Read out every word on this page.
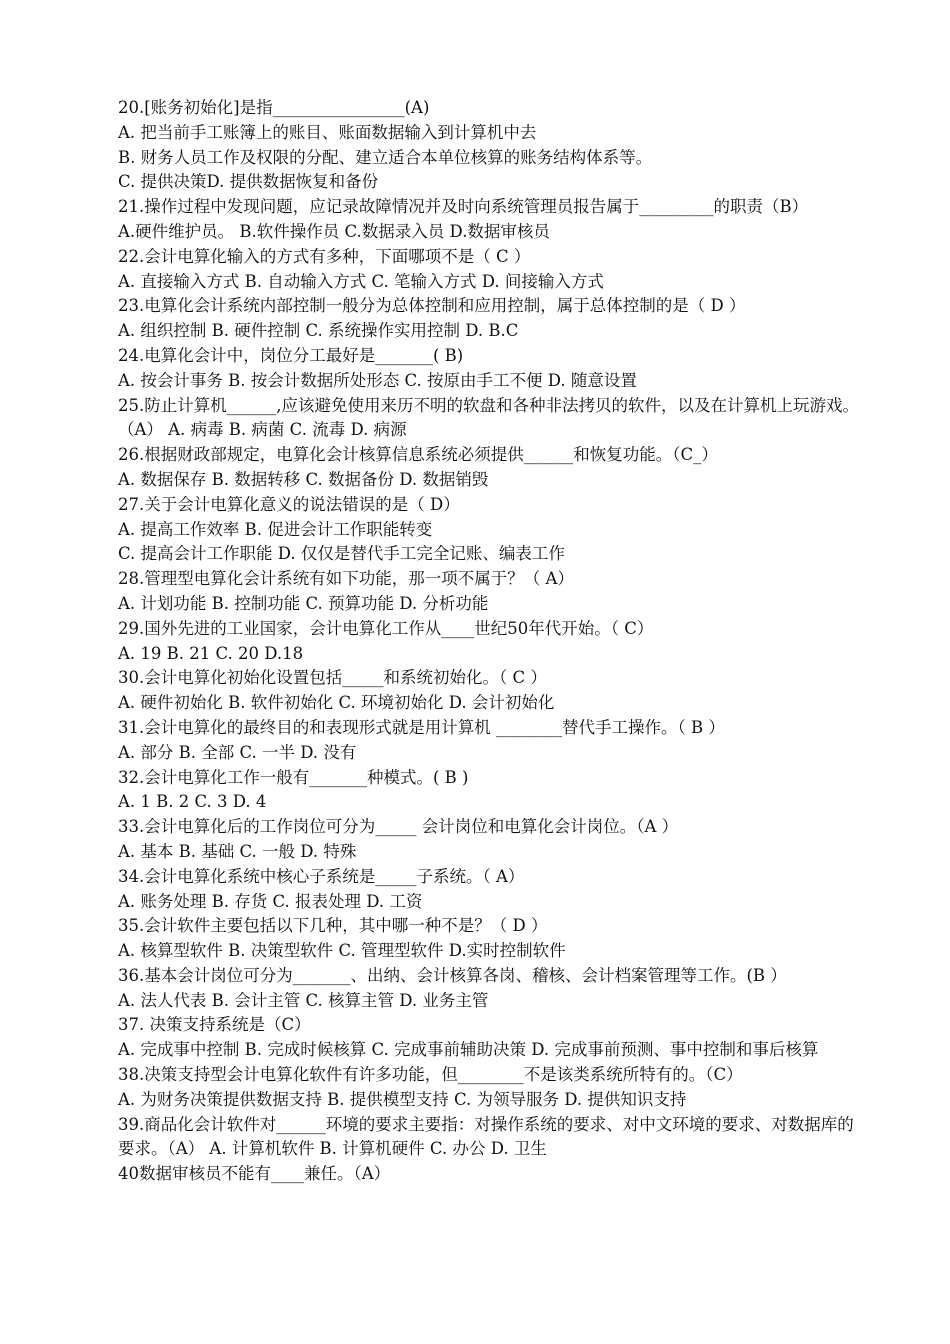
20.[账务初始化]是指________________(A)

A. 把当前手工账簿上的账目、账面数据输入到计算机中去

B. 财务人员工作及权限的分配、建立适合本单位核算的账务结构体系等。

C. 提供决策D. 提供数据恢复和备份

21.操作过程中发现问题，应记录故障情况并及时向系统管理员报告属于_________的职责（B）

A.硬件维护员。 B.软件操作员 C.数据录入员 D.数据审核员

22.会计电算化输入的方式有多种，下面哪项不是（ C ）

A. 直接输入方式 B. 自动输入方式 C. 笔输入方式 D. 间接输入方式

23.电算化会计系统内部控制一般分为总体控制和应用控制，属于总体控制的是（ D ）

A. 组织控制 B. 硬件控制 C. 系统操作实用控制 D. B.C

24.电算化会计中，岗位分工最好是_______( B)

A. 按会计事务 B. 按会计数据所处形态 C. 按原由手工不便 D. 随意设置

25.防止计算机______,应该避免使用来历不明的软盘和各种非法拷贝的软件，以及在计算机上玩游戏。（A） A. 病毒 B. 病菌 C. 流毒 D. 病源

26.根据财政部规定，电算化会计核算信息系统必须提供______和恢复功能。（C_）

A. 数据保存 B. 数据转移 C. 数据备份 D. 数据销毁

27.关于会计电算化意义的说法错误的是（ D）

A. 提高工作效率 B. 促进会计工作职能转变

C. 提高会计工作职能 D. 仅仅是替代手工完全记账、编表工作

28.管理型电算化会计系统有如下功能，那一项不属于？（ A）

A. 计划功能 B. 控制功能 C. 预算功能 D. 分析功能

29.国外先进的工业国家，会计电算化工作从____世纪50年代开始。（ C）

A. 19 B. 21 C. 20 D.18

30.会计电算化初始化设置包括_____和系统初始化。（ C ）

A. 硬件初始化 B. 软件初始化 C. 环境初始化 D. 会计初始化

31.会计电算化的最终目的和表现形式就是用计算机 ________替代手工操作。（ B ）

A. 部分 B. 全部 C. 一半 D. 没有

32.会计电算化工作一般有_______种模式。( B )

A. 1 B. 2 C. 3 D. 4

33.会计电算化后的工作岗位可分为_____ 会计岗位和电算化会计岗位。（A ）

A. 基本 B. 基础 C. 一般 D. 特殊

34.会计电算化系统中核心子系统是_____子系统。（ A）

A. 账务处理 B. 存货 C. 报表处理 D. 工资

35.会计软件主要包括以下几种，其中哪一种不是？（ D ）

A. 核算型软件 B. 决策型软件 C. 管理型软件 D.实时控制软件

36.基本会计岗位可分为_______、出纳、会计核算各岗、稽核、会计档案管理等工作。(B ）

A. 法人代表 B. 会计主管 C. 核算主管 D. 业务主管

37. 决策支持系统是（C）

A. 完成事中控制 B. 完成时候核算 C. 完成事前辅助决策 D. 完成事前预测、事中控制和事后核算

38.决策支持型会计电算化软件有许多功能，但________不是该类系统所特有的。（C）

A. 为财务决策提供数据支持 B. 提供模型支持 C. 为领导服务 D. 提供知识支持

39.商品化会计软件对______环境的要求主要指：对操作系统的要求、对中文环境的要求、对数据库的要求。（A） A. 计算机软件 B. 计算机硬件 C. 办公 D. 卫生

40数据审核员不能有____兼任。（A）
